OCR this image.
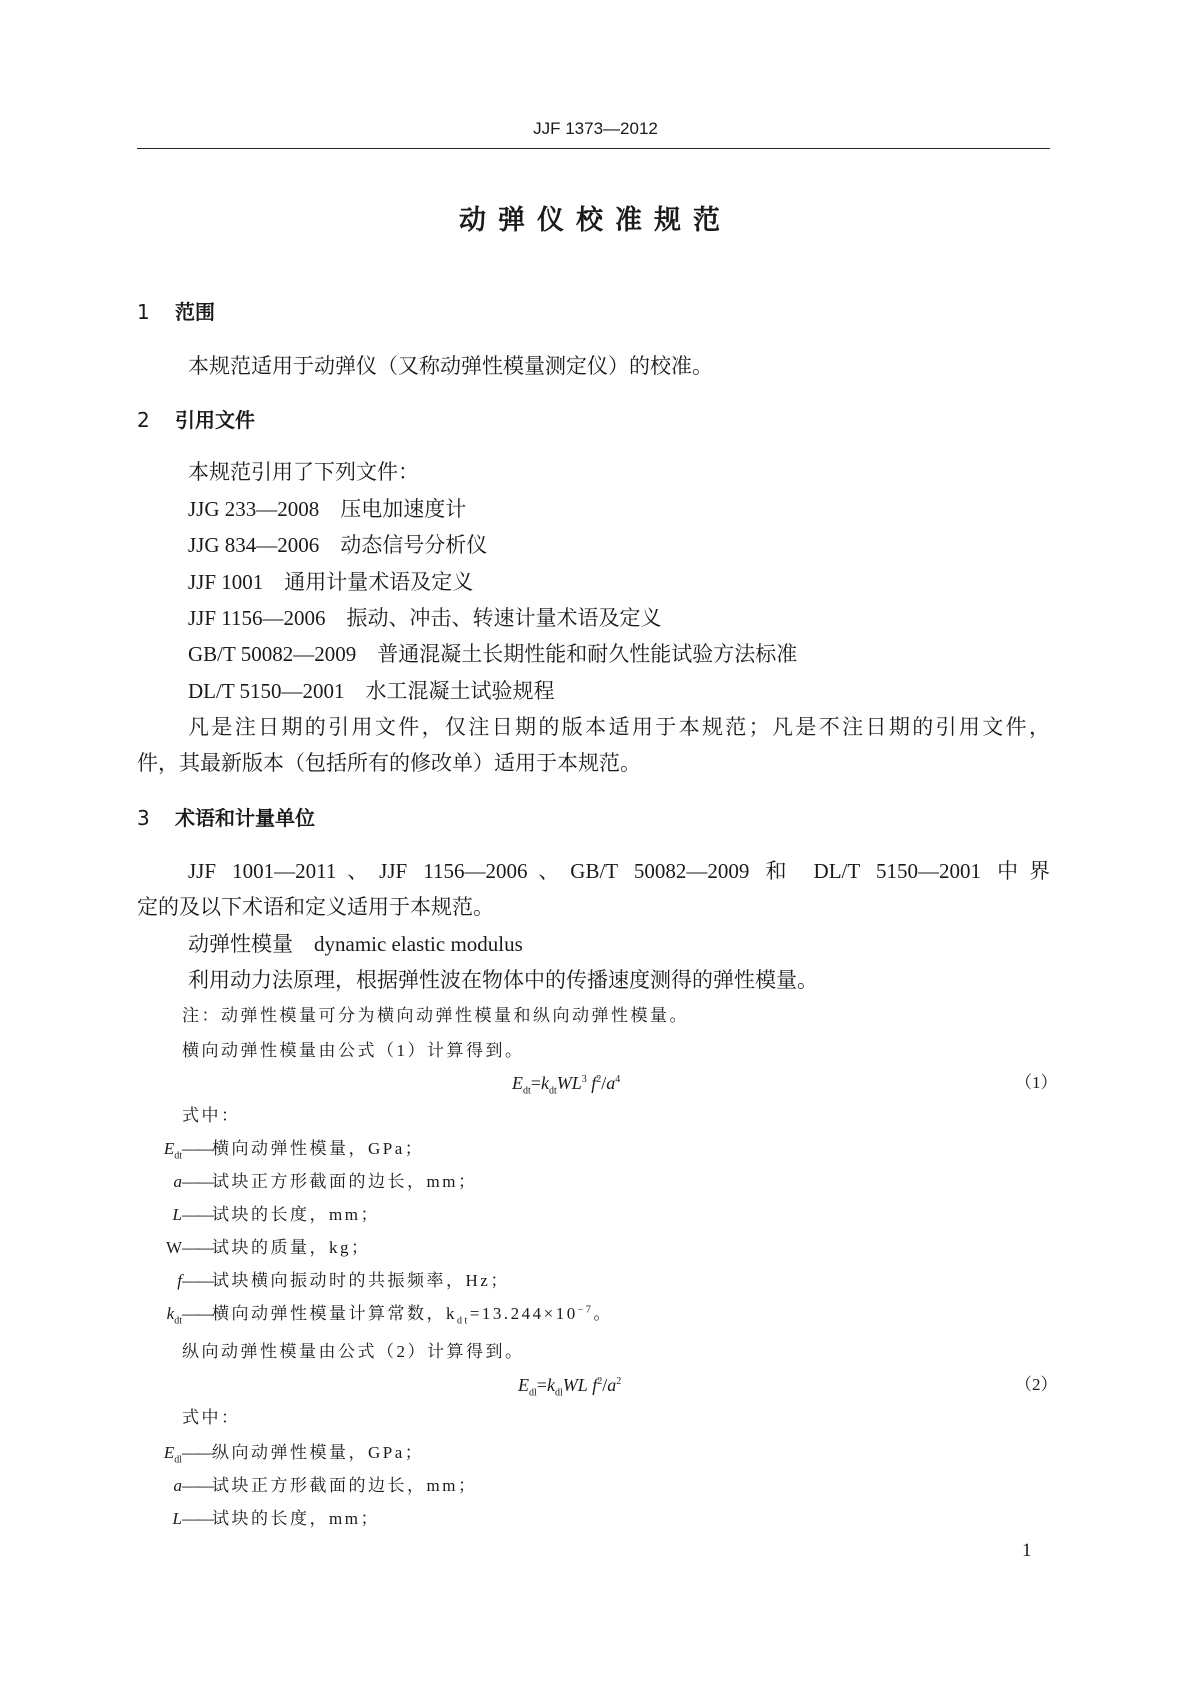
JJF 1373—2012
动弹仪校准规范
1 范围
本规范适用于动弹仪（又称动弹性模量测定仪）的校准。
2 引用文件
本规范引用了下列文件：
JJG 233—2008　压电加速度计
JJG 834—2006　动态信号分析仪
JJF 1001　通用计量术语及定义
JJF 1156—2006　振动、冲击、转速计量术语及定义
GB/T 50082—2009　普通混凝土长期性能和耐久性能试验方法标准
DL/T 5150—2001　水工混凝土试验规程
凡是注日期的引用文件，仅注日期的版本适用于本规范；凡是不注日期的引用文件，
件，其最新版本（包括所有的修改单）适用于本规范。
3 术语和计量单位
JJF 1001—2011、JJF 1156—2006、GB/T 50082—2009 和 DL/T 5150—2001 中界
定的及以下术语和定义适用于本规范。
动弹性模量　dynamic elastic modulus
利用动力法原理，根据弹性波在物体中的传播速度测得的弹性模量。
注：动弹性模量可分为横向动弹性模量和纵向动弹性模量。
横向动弹性模量由公式（1）计算得到。
$E_{dt}=k_{dt}WL^3$ $f^2/a^4$	（1）
式中：
$E_{dt}——$横向动弹性模量，GPa；
a——试块正方形截面的边长，mm；
L——试块的长度，mm；
W——试块的质量，kg；
f——试块横向振动时的共振频率，Hz；
$k_{dt}——$横向动弹性模量计算常数，$k_{dt}=13.244\times 10^{-7}$。
纵向动弹性模量由公式（2）计算得到。
$E_{dl}=k_{dl}WL$ $f^2/a^2$	（2）
式中：
$E_{dl}——$纵向动弹性模量，GPa；
a——试块正方形截面的边长，mm；
L——试块的长度，mm；
1
